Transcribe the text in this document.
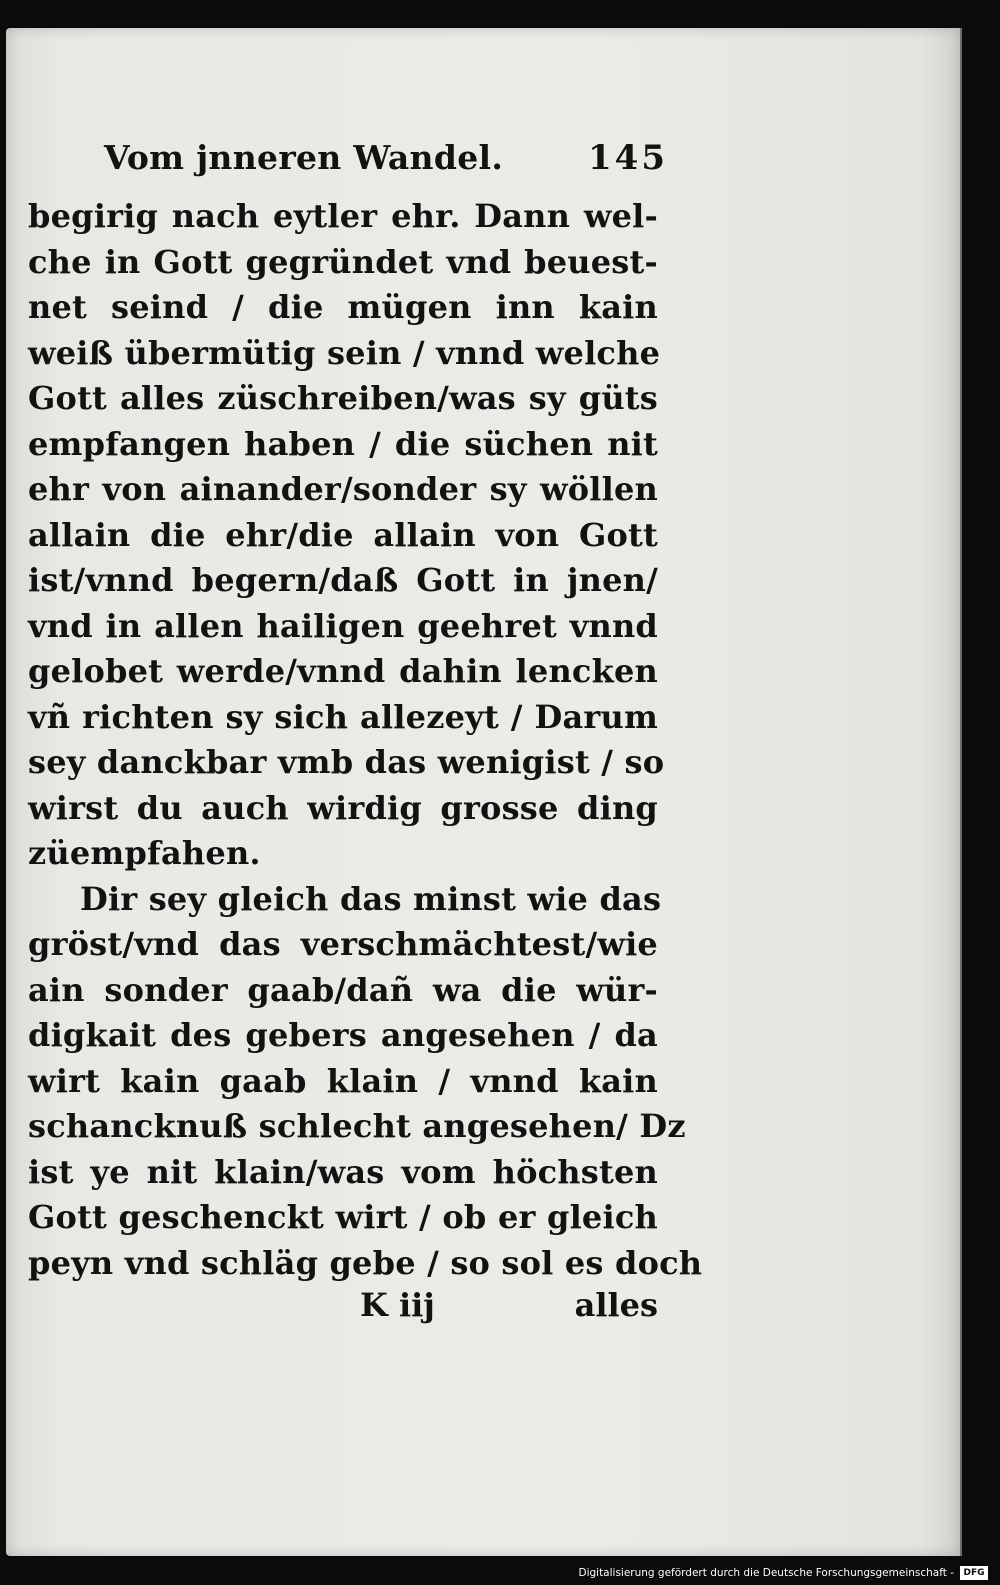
Vom jnneren Wandel. 145
begirig nach eytler ehr. Dann wel-
che in Gott gegründet vnd beuest-
net seind / die mügen inn kain
weiß übermütig sein / vnnd welche
Gott alles züschreiben/was sy güts
empfangen haben / die süchen nit
ehr von ainander/sonder sy wöllen
allain die ehr/die allain von Gott
ist/vnnd begern/daß Gott in jnen/
vnd in allen hailigen geehret vnnd
gelobet werde/vnnd dahin lencken
vñ richten sy sich allezeyt / Darum
sey danckbar vmb das wenigist / so
wirst du auch wirdig grosse ding
züempfahen.
Dir sey gleich das minst wie das
gröst/vnd das verschmächtest/wie
ain sonder gaab/dañ wa die wür-
digkait des gebers angesehen / da
wirt kain gaab klain / vnnd kain
schancknuß schlecht angesehen/ Dz
ist ye nit klain/was vom höchsten
Gott geschenckt wirt / ob er gleich
peyn vnd schläg gebe / so sol es doch
K iij	alles
Digitalisierung gefördert durch die Deutsche Forschungsgemeinschaft -	DFG
